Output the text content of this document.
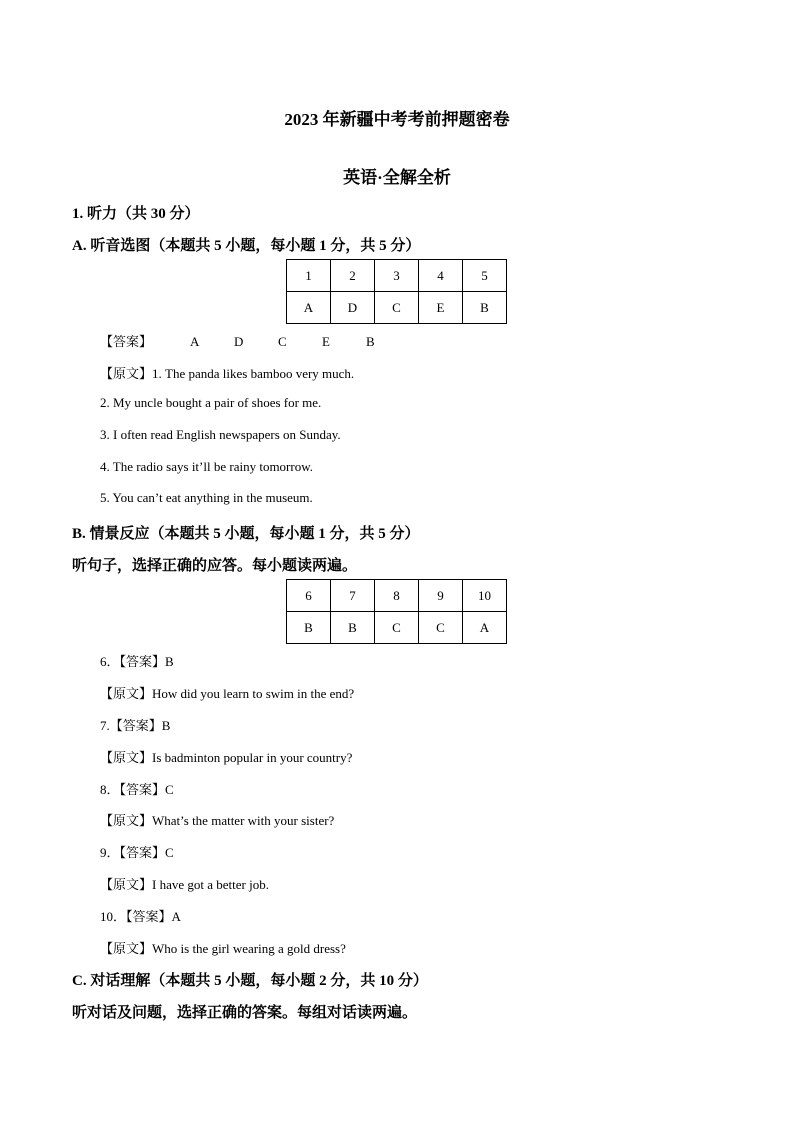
2023 年新疆中考考前押题密卷
英语·全解全析
1. 听力（共 30 分）
A. 听音选图（本题共 5 小题，每小题 1 分，共 5 分）
1	2	3	4	5
A	D	C	E	B
【答案】	A	D	C	E	B
【原文】1. The panda likes bamboo very much.
2. My uncle bought a pair of shoes for me.
3. I often read English newspapers on Sunday.
4. The radio says it’ll be rainy tomorrow.
5. You can’t eat anything in the museum.
B. 情景反应（本题共 5 小题，每小题 1 分，共 5 分）
听句子，选择正确的应答。每小题读两遍。
6	7	8	9	10
B	B	C	C	A
6．【答案】B
【原文】How did you learn to swim in the end?
7.【答案】B
【原文】Is badminton popular in your country?
8．【答案】C
【原文】What’s the matter with your sister?
9．【答案】C
【原文】I have got a better job.
10．【答案】A
【原文】Who is the girl wearing a gold dress?
C. 对话理解（本题共 5 小题，每小题 2 分，共 10 分）
听对话及问题，选择正确的答案。每组对话读两遍。
